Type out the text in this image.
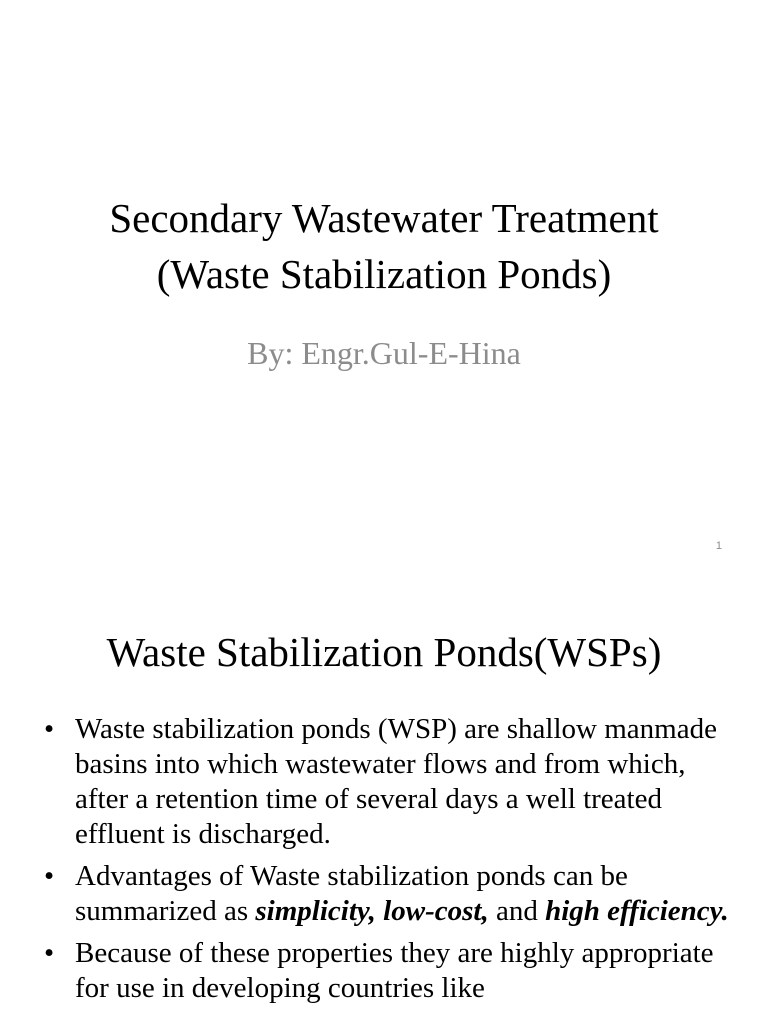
Secondary Wastewater Treatment
(Waste Stabilization Ponds)
By: Engr.Gul-E-Hina
1
Waste Stabilization Ponds(WSPs)
• Waste stabilization ponds (WSP) are shallow manmade basins into which wastewater flows and from which, after a retention time of several days a well treated effluent is discharged.
• Advantages of Waste stabilization ponds can be summarized as simplicity, low-cost, and high efficiency.
• Because of these properties they are highly appropriate for use in developing countries like
